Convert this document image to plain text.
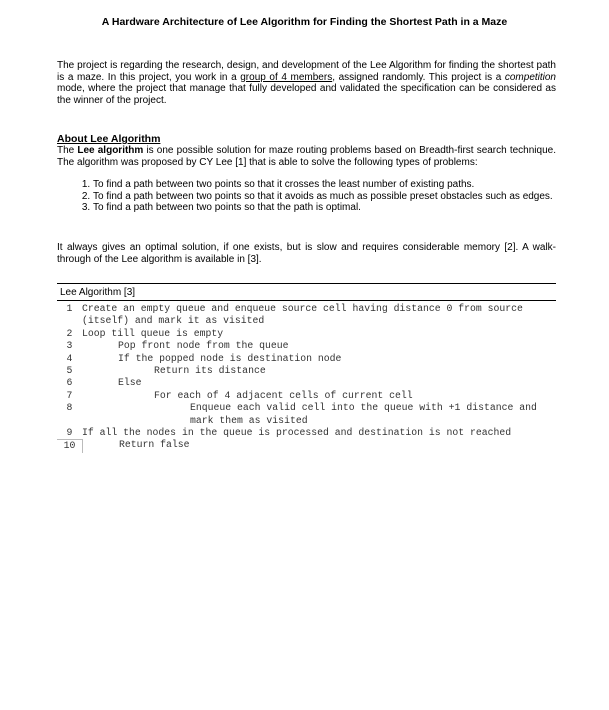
A Hardware Architecture of Lee Algorithm for Finding the Shortest Path in a Maze
The project is regarding the research, design, and development of the Lee Algorithm for finding the shortest path is a maze. In this project, you work in a group of 4 members, assigned randomly. This project is a competition mode, where the project that manage that fully developed and validated the specification can be considered as the winner of the project.
About Lee Algorithm
The Lee algorithm is one possible solution for maze routing problems based on Breadth-first search technique. The algorithm was proposed by CY Lee [1] that is able to solve the following types of problems:
1. To find a path between two points so that it crosses the least number of existing paths.
2. To find a path between two points so that it avoids as much as possible preset obstacles such as edges.
3. To find a path between two points so that the path is optimal.
It always gives an optimal solution, if one exists, but is slow and requires considerable memory [2]. A walk-through of the Lee algorithm is available in [3].
Lee Algorithm [3]
1 Create an empty queue and enqueue source cell having distance 0 from source (itself) and mark it as visited
2 Loop till queue is empty
3	Pop front node from the queue
4	If the popped node is destination node
5	Return its distance
6	Else
7	For each of 4 adjacent cells of current cell
8	Enqueue each valid cell into the queue with +1 distance and mark them as visited
9 If all the nodes in the queue is processed and destination is not reached
10	Return false
